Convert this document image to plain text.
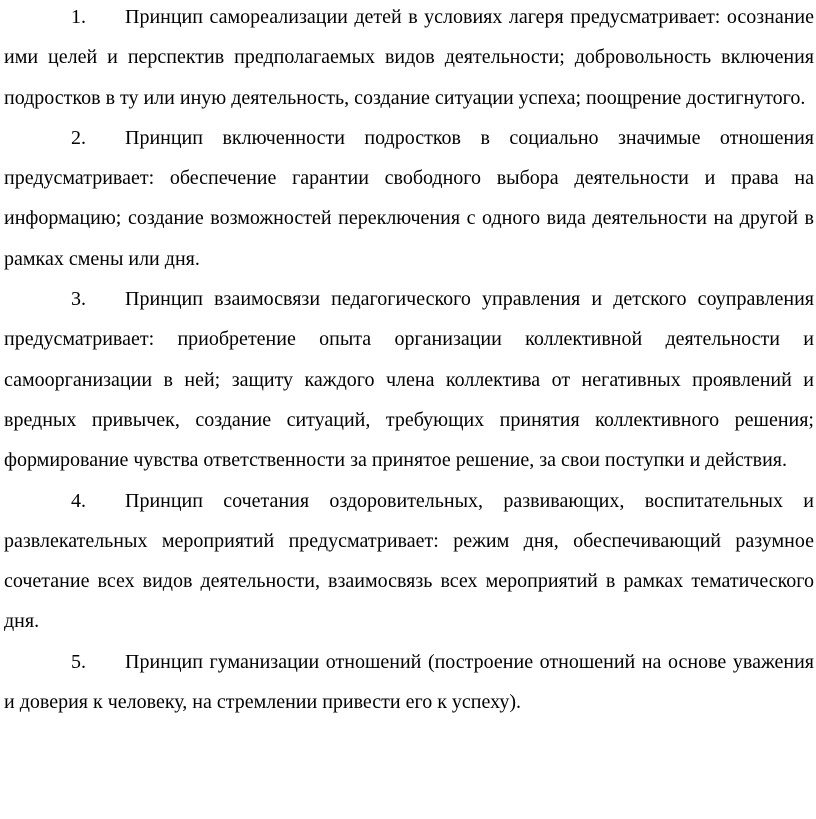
1. Принцип самореализации детей в условиях лагеря предусматривает: осознание ими целей и перспектив предполагаемых видов деятельности; добровольность включения подростков в ту или иную деятельность, создание ситуации успеха; поощрение достигнутого.

2. Принцип включенности подростков в социально значимые отношения предусматривает: обеспечение гарантии свободного выбора деятельности и права на информацию; создание возможностей переключения с одного вида деятельности на другой в рамках смены или дня.

3. Принцип взаимосвязи педагогического управления и детского соуправления предусматривает: приобретение опыта организации коллективной деятельности и самоорганизации в ней; защиту каждого члена коллектива от негативных проявлений и вредных привычек, создание ситуаций, требующих принятия коллективного решения; формирование чувства ответственности за принятое решение, за свои поступки и действия.

4. Принцип сочетания оздоровительных, развивающих, воспитательных и развлекательных мероприятий предусматривает: режим дня, обеспечивающий разумное сочетание всех видов деятельности, взаимосвязь всех мероприятий в рамках тематического дня.

5. Принцип гуманизации отношений (построение отношений на основе уважения и доверия к человеку, на стремлении привести его к успеху).
